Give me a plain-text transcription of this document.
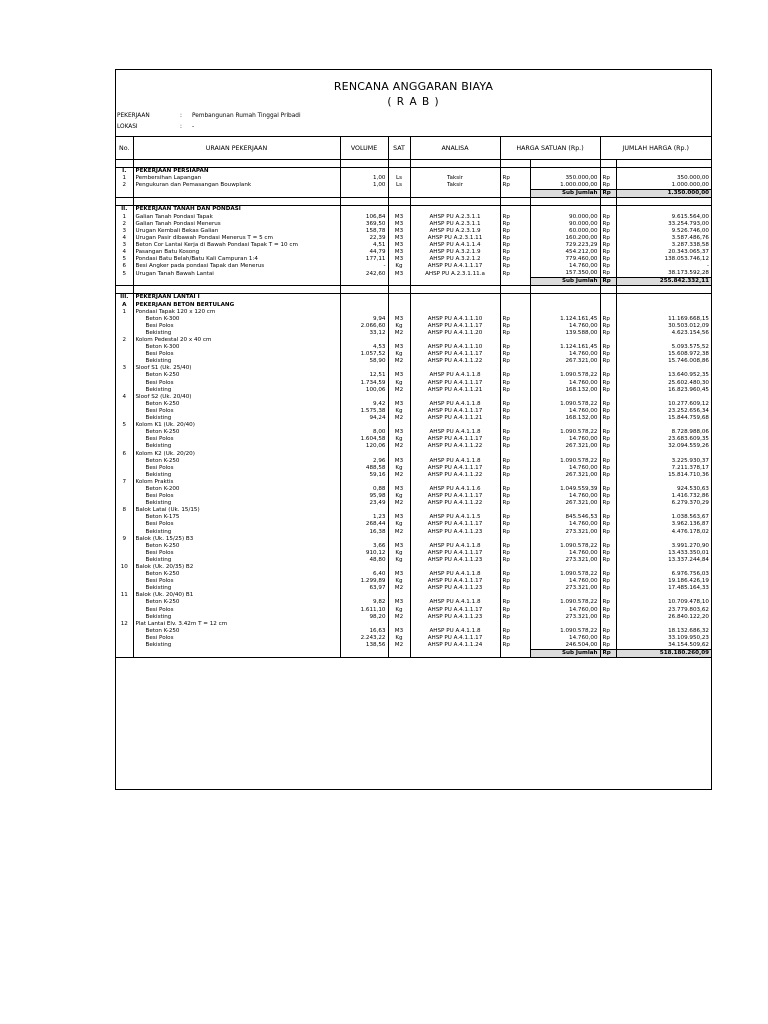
RENCANA ANGGARAN BIAYA
( R A B )
PEKERJAAN	: Pembangunan Rumah Tinggal Pribadi
LOKASI	: -
No.	URAIAN PEKERJAAN	VOLUME	SAT	ANALISA	HARGA SATUAN (Rp.)		JUMLAH HARGA (Rp.)	

I.	PEKERJAAN PERSIAPAN							
1	Pembersihan Lapangan	1,00	Ls	Taksir	Rp	350.000,00	Rp	350.000,00
2	Pengukuran dan Pemasangan Bouwplank	1,00	Ls	Taksir	Rp	1.000.000,00	Rp	1.000.000,00
						Sub Jumlah	Rp	1.350.000,00

II.	PEKERJAAN TANAH DAN PONDASI							
1	Galian Tanah Pondasi Tapak	106,84	M3	AHSP PU A.2.3.1.1	Rp	90.000,00	Rp	9.615.564,00
2	Galian Tanah Pondasi Menerus	369,50	M3	AHSP PU A.2.3.1.1	Rp	90.000,00	Rp	33.254.793,00
3	Urugan Kembali Bekas Galian	158,78	M3	AHSP PU A.2.3.1.9	Rp	60.000,00	Rp	9.526.746,00
4	Urugan Pasir dibawah Pondasi Menerus T = 5 cm	22,39	M3	AHSP PU A.2.3.1.11	Rp	160.200,00	Rp	3.587.486,76
3	Beton Cor Lantai Kerja di Bawah Pondasi Tapak T = 10 cm	4,51	M3	AHSP PU A.4.1.1.4	Rp	729.223,29	Rp	3.287.338,58
4	Pasangan Batu Kosong	44,79	M3	AHSP PU A.3.2.1.9	Rp	454.212,00	Rp	20.343.065,37
5	Pondasi Batu Belah/Batu Kali Campuran 1:4	177,11	M3	AHSP PU A.3.2.1.2	Rp	779.460,00	Rp	138.053.746,12
6	Besi Angker pada pondasi Tapak dan Menerus	-	Kg	AHSP PU A.4.1.1.17	Rp	14.760,00	Rp	-
5	Urugan Tanah Bawah Lantai	242,60	M3	AHSP PU A.2.3.1.11.a	Rp	157.350,00	Rp	38.173.592,28
						Sub Jumlah	Rp	255.842.332,11

III.	PEKERJAAN LANTAI I							
A	PEKERJAAN BETON BERTULANG							
1	Pondasi Tapak 120 x 120 cm							
	Beton K-300	9,94	M3	AHSP PU A.4.1.1.10	Rp	1.124.161,45	Rp	11.169.668,15
	Besi Polos	2.066,60	Kg	AHSP PU A.4.1.1.17	Rp	14.760,00	Rp	30.503.012,09
	Bekisting	33,12	M2	AHSP PU A.4.1.1.20	Rp	139.588,00	Rp	4.623.154,56
2	Kolom Pedestal 20 x 40 cm							
	Beton K-300	4,53	M3	AHSP PU A.4.1.1.10	Rp	1.124.161,45	Rp	5.093.575,52
	Besi Polos	1.057,52	Kg	AHSP PU A.4.1.1.17	Rp	14.760,00	Rp	15.608.972,38
	Bekisting	58,90	M2	AHSP PU A.4.1.1.22	Rp	267.321,00	Rp	15.746.008,86
3	Sloof S1 (Uk. 25/40)							
	Beton K-250	12,51	M3	AHSP PU A.4.1.1.8	Rp	1.090.578,22	Rp	13.640.952,35
	Besi Polos	1.734,59	Kg	AHSP PU A.4.1.1.17	Rp	14.760,00	Rp	25.602.480,30
	Bekisting	100,06	M2	AHSP PU A.4.1.1.21	Rp	168.132,00	Rp	16.823.960,45
4	Sloof S2 (Uk. 20/40)							
	Beton K-250	9,42	M3	AHSP PU A.4.1.1.8	Rp	1.090.578,22	Rp	10.277.609,12
	Besi Polos	1.575,38	Kg	AHSP PU A.4.1.1.17	Rp	14.760,00	Rp	23.252.656,34
	Bekisting	94,24	M2	AHSP PU A.4.1.1.21	Rp	168.132,00	Rp	15.844.759,68
5	Kolom K1 (Uk. 20/40)							
	Beton K-250	8,00	M3	AHSP PU A.4.1.1.8	Rp	1.090.578,22	Rp	8.728.988,06
	Besi Polos	1.604,58	Kg	AHSP PU A.4.1.1.17	Rp	14.760,00	Rp	23.683.609,35
	Bekisting	120,06	M2	AHSP PU A.4.1.1.22	Rp	267.321,00	Rp	32.094.559,26
6	Kolom K2 (Uk. 20/20)							
	Beton K-250	2,96	M3	AHSP PU A.4.1.1.8	Rp	1.090.578,22	Rp	3.225.930,37
	Besi Polos	488,58	Kg	AHSP PU A.4.1.1.17	Rp	14.760,00	Rp	7.211.378,17
	Bekisting	59,16	M2	AHSP PU A.4.1.1.22	Rp	267.321,00	Rp	15.814.710,36
7	Kolom Praktis							
	Beton K-200	0,88	M3	AHSP PU A.4.1.1.6	Rp	1.049.559,39	Rp	924.530,63
	Besi Polos	95,98	Kg	AHSP PU A.4.1.1.17	Rp	14.760,00	Rp	1.416.732,86
	Bekisting	23,49	M2	AHSP PU A.4.1.1.22	Rp	267.321,00	Rp	6.279.370,29
8	Balok Latai (Uk. 15/15)							
	Beton K-175	1,23	M3	AHSP PU A.4.1.1.5	Rp	845.546,53	Rp	1.038.563,67
	Besi Polos	268,44	Kg	AHSP PU A.4.1.1.17	Rp	14.760,00	Rp	3.962.136,87
	Bekisting	16,38	M2	AHSP PU A.4.1.1.23	Rp	273.321,00	Rp	4.476.178,02
9	Balok (Uk. 15/25) B3							
	Beton K-250	3,66	M3	AHSP PU A.4.1.1.8	Rp	1.090.578,22	Rp	3.991.270,90
	Besi Polos	910,12	Kg	AHSP PU A.4.1.1.17	Rp	14.760,00	Rp	13.433.350,01
	Bekisting	48,80	Kg	AHSP PU A.4.1.1.23	Rp	273.321,00	Rp	13.337.244,84
10	Balok (Uk. 20/35) B2							
	Beton K-250	6,40	M3	AHSP PU A.4.1.1.8	Rp	1.090.578,22	Rp	6.976.756,03
	Besi Polos	1.299,89	Kg	AHSP PU A.4.1.1.17	Rp	14.760,00	Rp	19.186.426,19
	Bekisting	63,97	M2	AHSP PU A.4.1.1.23	Rp	273.321,00	Rp	17.485.164,33
11	Balok (Uk. 20/40) B1							
	Beton K-250	9,82	M3	AHSP PU A.4.1.1.8	Rp	1.090.578,22	Rp	10.709.478,10
	Besi Polos	1.611,10	Kg	AHSP PU A.4.1.1.17	Rp	14.760,00	Rp	23.779.803,62
	Bekisting	98,20	M2	AHSP PU A.4.1.1.23	Rp	273.321,00	Rp	26.840.122,20
12	Plat Lantai Elv. 3.42m T = 12 cm							
	Beton K-250	16,63	M3	AHSP PU A.4.1.1.8	Rp	1.090.578,22	Rp	18.132.686,32
	Besi Polos	2.243,22	Kg	AHSP PU A.4.1.1.17	Rp	14.760,00	Rp	33.109.950,23
	Bekisting	138,56	M2	AHSP PU A.4.1.1.24	Rp	246.504,00	Rp	34.154.509,62
						Sub Jumlah	Rp	518.180.260,09
